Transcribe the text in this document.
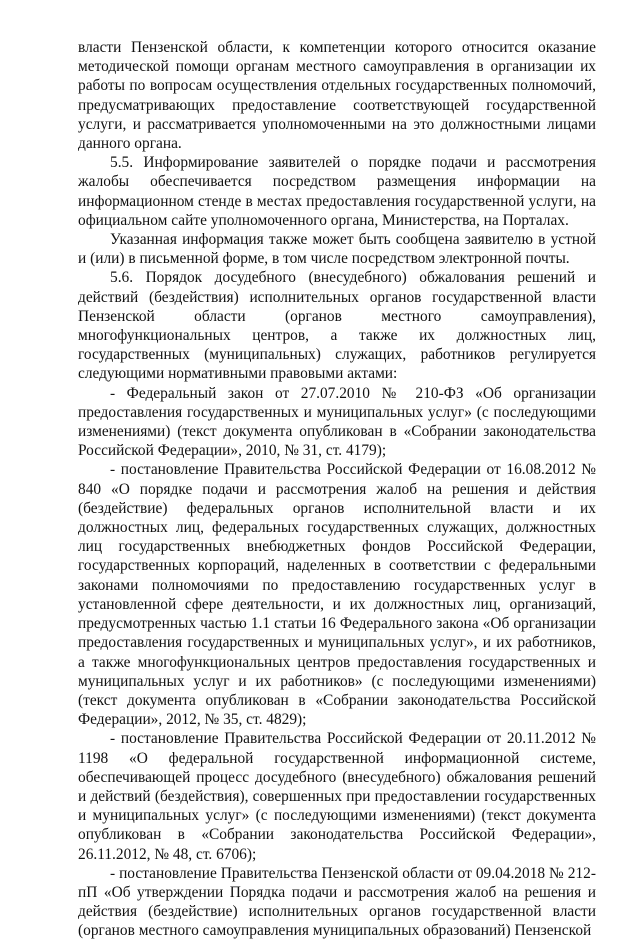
власти Пензенской области, к компетенции которого относится оказание методической помощи органам местного самоуправления в организации их работы по вопросам осуществления отдельных государственных полномочий, предусматривающих предоставление соответствующей государственной услуги, и рассматривается уполномоченными на это должностными лицами данного органа.

5.5. Информирование заявителей о порядке подачи и рассмотрения жалобы обеспечивается посредством размещения информации на информационном стенде в местах предоставления государственной услуги, на официальном сайте уполномоченного органа, Министерства, на Порталах.

Указанная информация также может быть сообщена заявителю в устной и (или) в письменной форме, в том числе посредством электронной почты.

5.6. Порядок досудебного (внесудебного) обжалования решений и действий (бездействия) исполнительных органов государственной власти Пензенской области (органов местного самоуправления), многофункциональных центров, а также их должностных лиц, государственных (муниципальных) служащих, работников регулируется следующими нормативными правовыми актами:

- Федеральный закон от 27.07.2010 № 210-ФЗ «Об организации предоставления государственных и муниципальных услуг» (с последующими изменениями) (текст документа опубликован в «Собрании законодательства Российской Федерации», 2010, № 31, ст. 4179);

- постановление Правительства Российской Федерации от 16.08.2012 № 840 «О порядке подачи и рассмотрения жалоб на решения и действия (бездействие) федеральных органов исполнительной власти и их должностных лиц, федеральных государственных служащих, должностных лиц государственных внебюджетных фондов Российской Федерации, государственных корпораций, наделенных в соответствии с федеральными законами полномочиями по предоставлению государственных услуг в установленной сфере деятельности, и их должностных лиц, организаций, предусмотренных частью 1.1 статьи 16 Федерального закона «Об организации предоставления государственных и муниципальных услуг», и их работников, а также многофункциональных центров предоставления государственных и муниципальных услуг и их работников» (с последующими изменениями) (текст документа опубликован в «Собрании законодательства Российской Федерации», 2012, № 35, ст. 4829);

- постановление Правительства Российской Федерации от 20.11.2012 № 1198 «О федеральной государственной информационной системе, обеспечивающей процесс досудебного (внесудебного) обжалования решений и действий (бездействия), совершенных при предоставлении государственных и муниципальных услуг» (с последующими изменениями) (текст документа опубликован в «Собрании законодательства Российской Федерации», 26.11.2012, № 48, ст. 6706);

- постановление Правительства Пензенской области от 09.04.2018 № 212-пП «Об утверждении Порядка подачи и рассмотрения жалоб на решения и действия (бездействие) исполнительных органов государственной власти (органов местного самоуправления муниципальных образований) Пензенской
